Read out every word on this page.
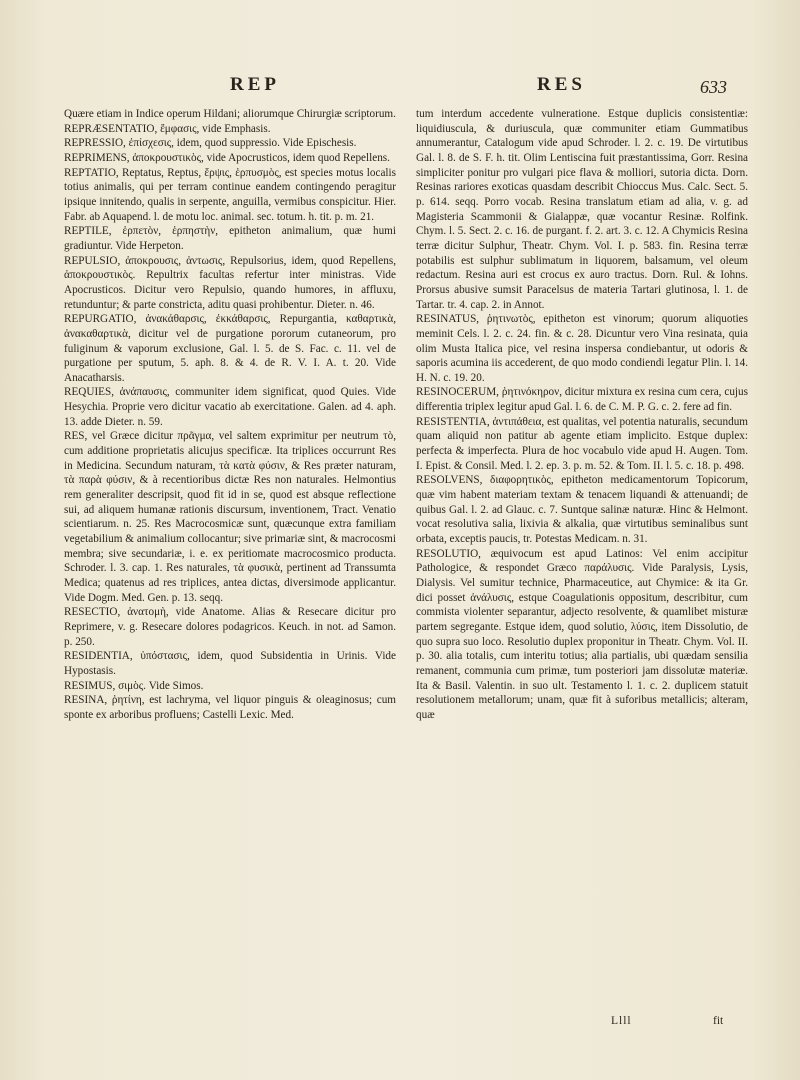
REP	RES	633

Quære etiam in Indice operum Hildani; aliorumque Chirurgiæ scriptorum.

REPRÆSENTATIO, ἔμφασις, vide Emphasis.

REPRESSIO, ἐπίσχεσις, idem, quod suppressio. Vide Epischesis.

REPRIMENS, ἀποκρουστικὸς, vide Apocrusticos, idem quod Repellens.

REPTATIO, Reptatus, Reptus, ἕρψις, ἑρπυσμὸς, est species motus localis totius animalis, qui per terram continue eandem contingendo peragitur ipsique innitendo, qualis in serpente, anguilla, vermibus conspicitur. Hier. Fabr. ab Aquapend. l. de motu loc. animal. sec. totum. h. tit. p. m. 21.

REPTILE, ἑρπετὸν, ἑρπηστὴν, epitheton animalium, quæ humi gradiuntur. Vide Herpeton.

REPULSIO, ἀποκρουσις, ἀντωσις, Repulsorius, idem, quod Repellens, ἀποκρουστικὸς. Repultrix facultas refertur inter ministras. Vide Apocrusticos. Dicitur vero Repulsio, quando humores, in affluxu, retunduntur; & parte constricta, aditu quasi prohibentur. Dieter. n. 46.

REPURGATIO, ἀνακάθαρσις, ἐκκάθαρσις, Repurgantia, καθαρτικὰ, ἀνακαθαρτικὰ, dicitur vel de purgatione pororum cutaneorum, pro fuliginum & vaporum exclusione, Gal. l. 5. de S. Fac. c. 11. vel de purgatione per sputum, 5. aph. 8. & 4. de R. V. I. A. t. 20. Vide Anacatharsis.

REQUIES, ἀνάπαυσις, communiter idem significat, quod Quies. Vide Hesychia. Proprie vero dicitur vacatio ab exercitatione. Galen. ad 4. aph. 13. adde Dieter. n. 59.

RES, vel Græce dicitur πρᾶγμα, vel saltem exprimitur per neutrum τὸ, cum additione proprietatis alicujus specificæ. Ita triplices occurrunt Res in Medicina. Secundum naturam, τὰ κατὰ φύσιν, & Res præter naturam, τὰ παρὰ φύσιν, & à recentioribus dictæ Res non naturales. Helmontius rem generaliter descripsit, quod fit id in se, quod est absque reflectione sui, ad aliquem humanæ rationis discursum, inventionem, Tract. Venatio scientiarum. n. 25. Res Macrocosmicæ sunt, quæcunque extra familiam vegetabilium & animalium collocantur; sive primariæ sint, & macrocosmi membra; sive secundariæ, i. e. ex peritiomate macrocosmico producta. Schroder. l. 3. cap. 1. Res naturales, τὰ φυσικὰ, pertinent ad Transsumta Medica; quatenus ad res triplices, antea dictas, diversimode applicantur. Vide Dogm. Med. Gen. p. 13. seqq.

RESECTIO, ἀνατομὴ, vide Anatome. Alias & Resecare dicitur pro Reprimere, v. g. Resecare dolores podagricos. Keuch. in not. ad Samon. p. 250.

RESIDENTIA, ὑπόστασις, idem, quod Subsidentia in Urinis. Vide Hypostasis.

RESIMUS, σιμὸς. Vide Simos.

RESINA, ῥητίνη, est lachryma, vel liquor pinguis & oleaginosus; cum sponte ex arboribus profluens; Castelli Lexic. Med.

tum interdum accedente vulneratione. Estque duplicis consistentiæ: liquidiuscula, & duriuscula, quæ communiter etiam Gummatibus annumerantur, Catalogum vide apud Schroder. l. 2. c. 19. De virtutibus Gal. l. 8. de S. F. h. tit. Olim Lentiscina fuit præstantissima, Gorr. Resina simpliciter ponitur pro vulgari pice flava & molliori, sutoria dicta. Dorn. Resinas rariores exoticas quasdam describit Chioccus Mus. Calc. Sect. 5. p. 614. seqq. Porro vocab. Resina translatum etiam ad alia, v. g. ad Magisteria Scammonii & Gialappæ, quæ vocantur Resinæ. Rolfink. Chym. l. 5. Sect. 2. c. 16. de purgant. f. 2. art. 3. c. 12. A Chymicis Resina terræ dicitur Sulphur, Theatr. Chym. Vol. I. p. 583. fin. Resina terræ potabilis est sulphur sublimatum in liquorem, balsamum, vel oleum redactum. Resina auri est crocus ex auro tractus. Dorn. Rul. & Iohns. Prorsus abusive sumsit Paracelsus de materia Tartari glutinosa, l. 1. de Tartar. tr. 4. cap. 2. in Annot.

RESINATUS, ῥητινωτὸς, epitheton est vinorum; quorum aliquoties meminit Cels. l. 2. c. 24. fin. & c. 28. Dicuntur vero Vina resinata, quia olim Musta Italica pice, vel resina inspersa condiebantur, ut odoris & saporis acumina iis accederent, de quo modo condiendi legatur Plin. l. 14. H. N. c. 19. 20.

RESINOCERUM, ῥητινόκηρον, dicitur mixtura ex resina cum cera, cujus differentia triplex legitur apud Gal. l. 6. de C. M. P. G. c. 2. fere ad fin.

RESISTENTIA, ἀντιπάθεια, est qualitas, vel potentia naturalis, secundum quam aliquid non patitur ab agente etiam implicito. Estque duplex: perfecta & imperfecta. Plura de hoc vocabulo vide apud H. Augen. Tom. I. Epist. & Consil. Med. l. 2. ep. 3. p. m. 52. & Tom. II. l. 5. c. 18. p. 498.

RESOLVENS, διαφορητικὸς, epitheton medicamentorum Topicorum, quæ vim habent materiam textam & tenacem liquandi & attenuandi; de quibus Gal. l. 2. ad Glauc. c. 7. Suntque salinæ naturæ. Hinc & Helmont. vocat resolutiva salia, lixivia & alkalia, quæ virtutibus seminalibus sunt orbata, exceptis paucis, tr. Potestas Medicam. n. 31.

RESOLUTIO, æquivocum est apud Latinos: Vel enim accipitur Pathologice, & respondet Græco παράλυσις. Vide Paralysis, Lysis, Dialysis. Vel sumitur technice, Pharmaceutice, aut Chymice: & ita Gr. dici posset ἀνάλυσις, estque Coagulationis oppositum, describitur, cum commista violenter separantur, adjecto resolvente, & quamlibet misturæ partem segregante. Estque idem, quod solutio, λύσις, item Dissolutio, de quo supra suo loco. Resolutio duplex proponitur in Theatr. Chym. Vol. II. p. 30. alia totalis, cum interitu totius; alia partialis, ubi quædam sensilia remanent, communia cum primæ, tum posteriori jam dissolutæ materiæ. Ita & Basil. Valentin. in suo ult. Testamento l. 1. c. 2. duplicem statuit resolutionem metallorum; unam, quæ fit à suforibus metallicis; alteram, quæ

Llll	fit
